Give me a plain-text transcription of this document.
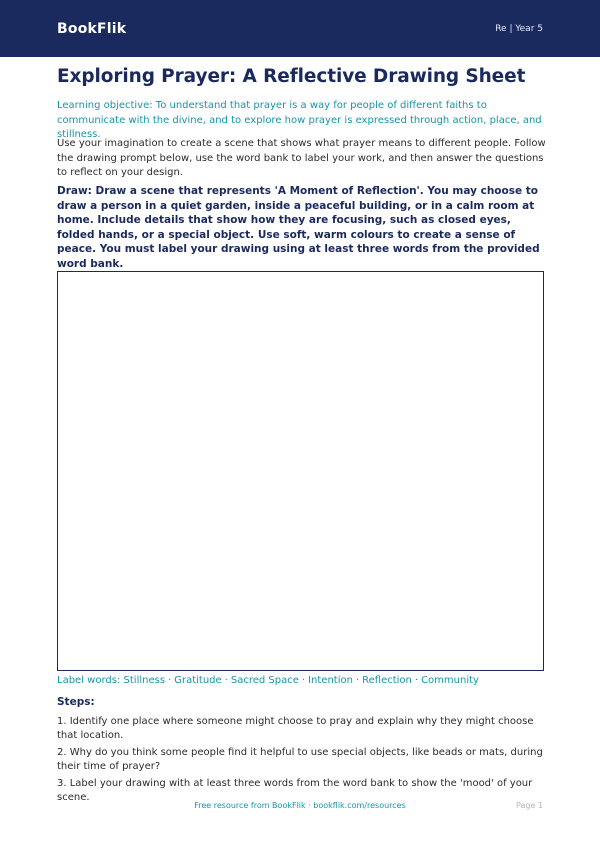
BookFlik	Re | Year 5
Exploring Prayer: A Reflective Drawing Sheet

Learning objective: To understand that prayer is a way for people of different faiths to communicate with the divine, and to explore how prayer is expressed through action, place, and stillness.

Use your imagination to create a scene that shows what prayer means to different people. Follow the drawing prompt below, use the word bank to label your work, and then answer the questions to reflect on your design.

Draw: Draw a scene that represents 'A Moment of Reflection'. You may choose to draw a person in a quiet garden, inside a peaceful building, or in a calm room at home. Include details that show how they are focusing, such as closed eyes, folded hands, or a special object. Use soft, warm colours to create a sense of peace. You must label your drawing using at least three words from the provided word bank.

Label words: Stillness · Gratitude · Sacred Space · Intention · Reflection · Community
Steps:
1. Identify one place where someone might choose to pray and explain why they might choose that location.
2. Why do you think some people find it helpful to use special objects, like beads or mats, during their time of prayer?
3. Label your drawing with at least three words from the word bank to show the 'mood' of your scene.
Free resource from BookFlik · bookflik.com/resources	Page 1
